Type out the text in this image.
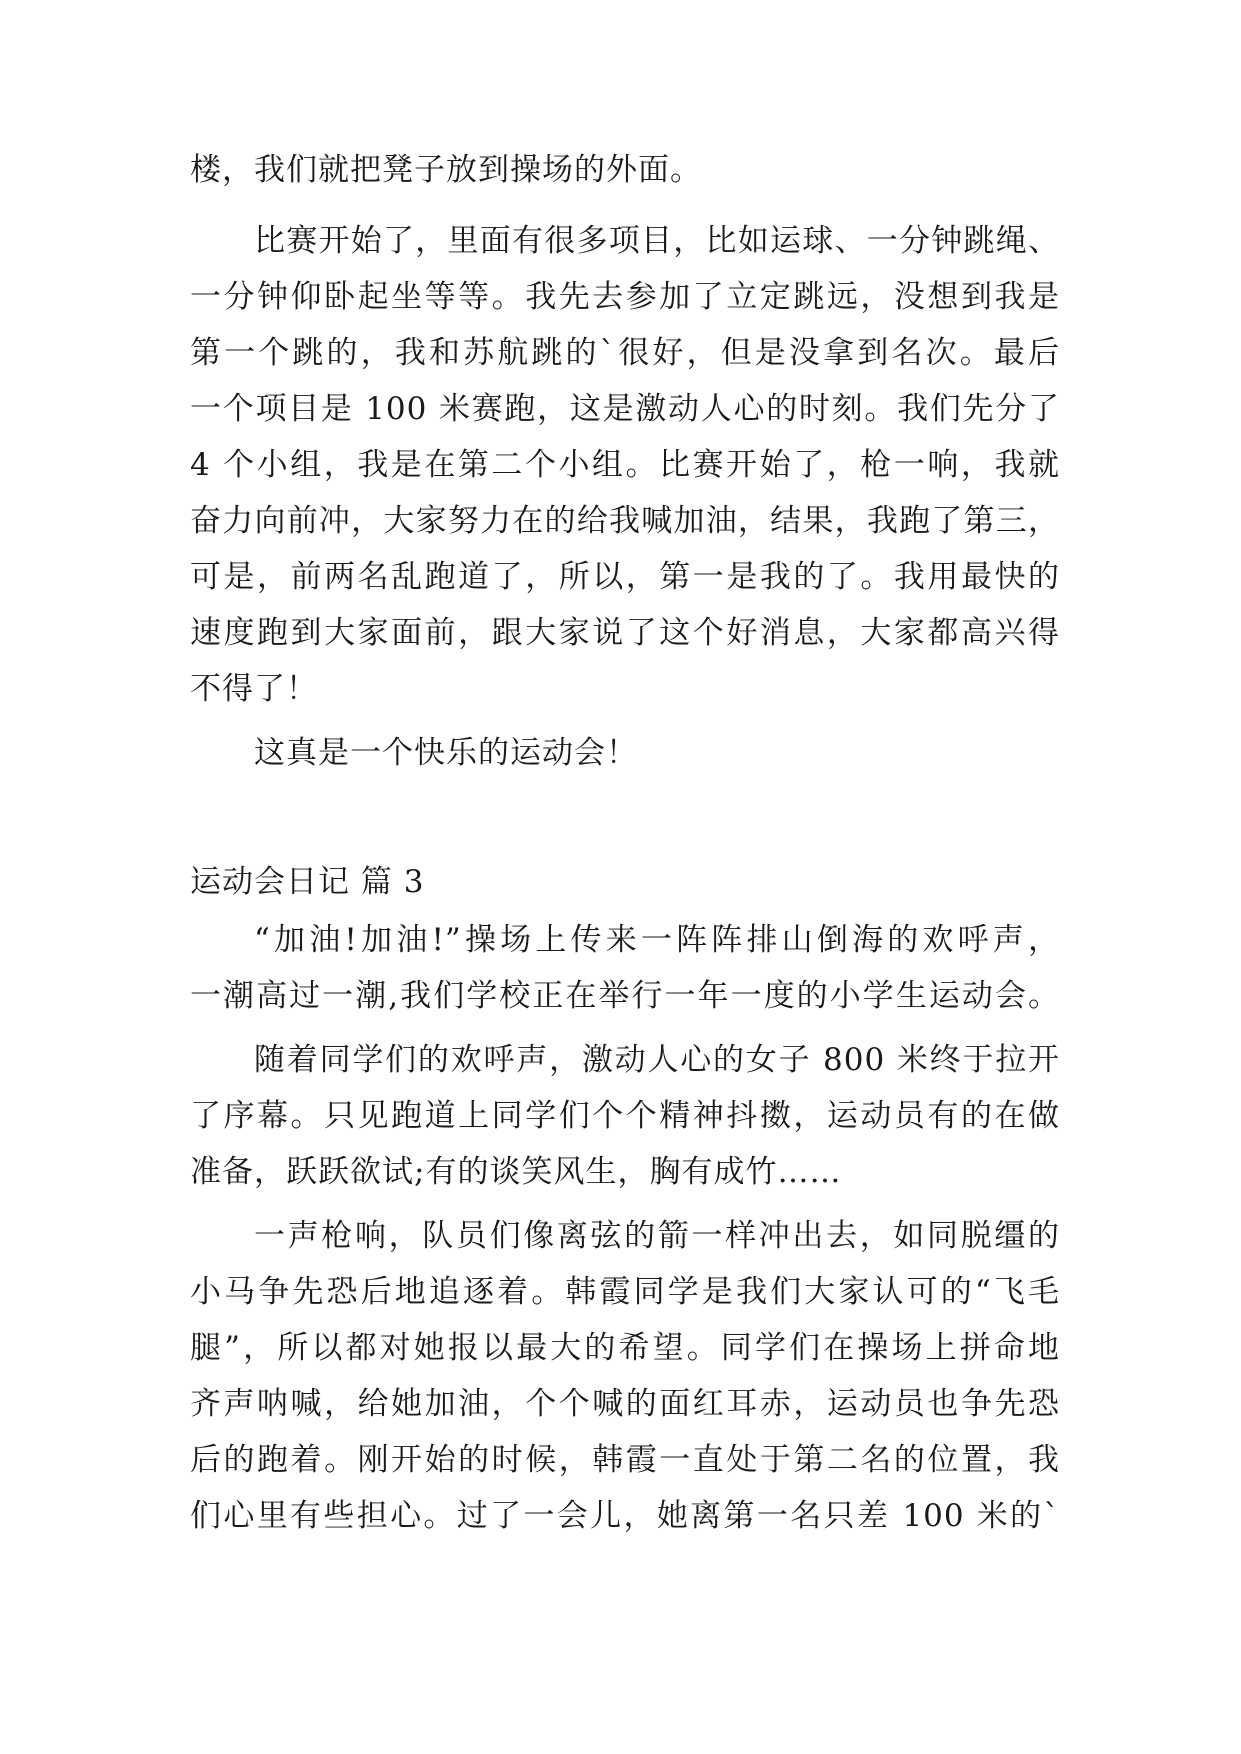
楼，我们就把凳子放到操场的外面。
比赛开始了，里面有很多项目，比如运球、一分钟跳绳、
一分钟仰卧起坐等等。我先去参加了立定跳远，没想到我是
第一个跳的，我和苏航跳的`很好，但是没拿到名次。最后
一个项目是 100 米赛跑，这是激动人心的时刻。我们先分了
4 个小组，我是在第二个小组。比赛开始了，枪一响，我就
奋力向前冲，大家努力在的给我喊加油，结果，我跑了第三，
可是，前两名乱跑道了，所以，第一是我的了。我用最快的
速度跑到大家面前，跟大家说了这个好消息，大家都高兴得
不得了！
这真是一个快乐的运动会！
运动会日记 篇 3
“加油!加油!”操场上传来一阵阵排山倒海的欢呼声，
一潮高过一潮,我们学校正在举行一年一度的小学生运动会。
随着同学们的欢呼声，激动人心的女子 800 米终于拉开
了序幕。只见跑道上同学们个个精神抖擞，运动员有的在做
准备，跃跃欲试;有的谈笑风生，胸有成竹……
一声枪响，队员们像离弦的箭一样冲出去，如同脱缰的
小马争先恐后地追逐着。韩霞同学是我们大家认可的“飞毛
腿”，所以都对她报以最大的希望。同学们在操场上拼命地
齐声呐喊，给她加油，个个喊的面红耳赤，运动员也争先恐
后的跑着。刚开始的时候，韩霞一直处于第二名的位置，我
们心里有些担心。过了一会儿，她离第一名只差 100 米的`
